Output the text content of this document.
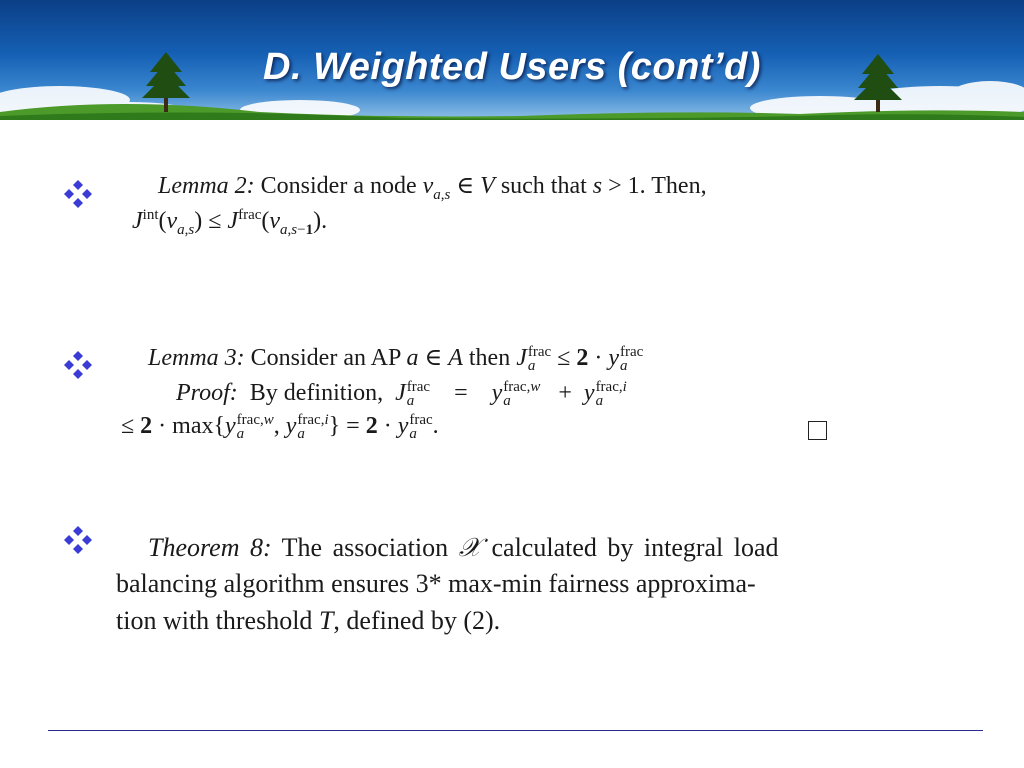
D. Weighted Users (cont’d)
Lemma 2: Consider a node $v_{a,s}$ ∈ V such that s > 1. Then,
$J^{int}(v_{a,s}) \le J^{frac}(v_{a,s-1})$.
Lemma 3: Consider an AP a ∈ A then J frac
a ≤ 2 · y frac
a
Proof: By definition, J frac
a =    y frac,w
a	+  y frac,i
a
≤ 2 · max{y frac,w
a	, y frac,i
a } = 2 · y frac
a .
Theorem 8: The association 𝒳 calculated by integral load
balancing algorithm ensures 3* max-min fairness approxima-
tion with threshold T, defined by (2).
